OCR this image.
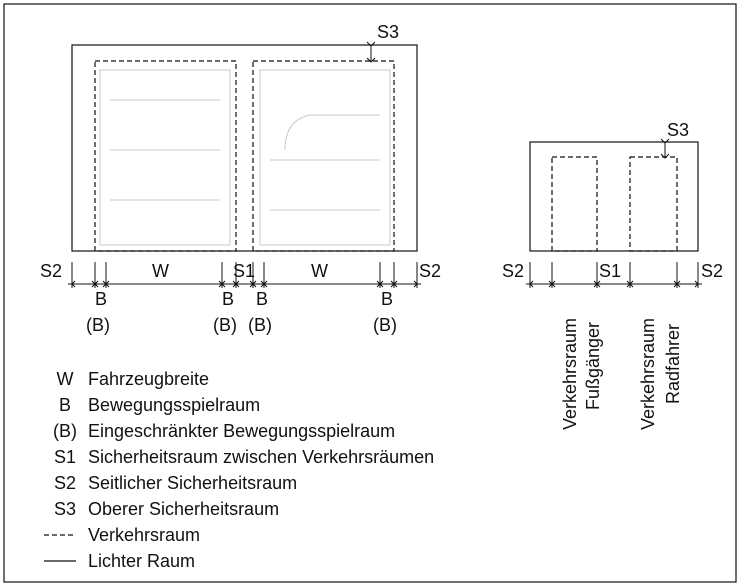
S3
S2	W	S1	W	S2
B	B B	B
(B)	(B) (B)	(B)
S3
S2	S1	S2
Verkehrsraum Fußgänger Verkehrsraum Radfahrer
W Fahrzeugbreite
B Bewegungsspielraum
(B) Eingeschränkter Bewegungsspielraum
S1 Sicherheitsraum zwischen Verkehrsräumen
S2 Seitlicher Sicherheitsraum
S3 Oberer Sicherheitsraum
Verkehrsraum
Lichter Raum
